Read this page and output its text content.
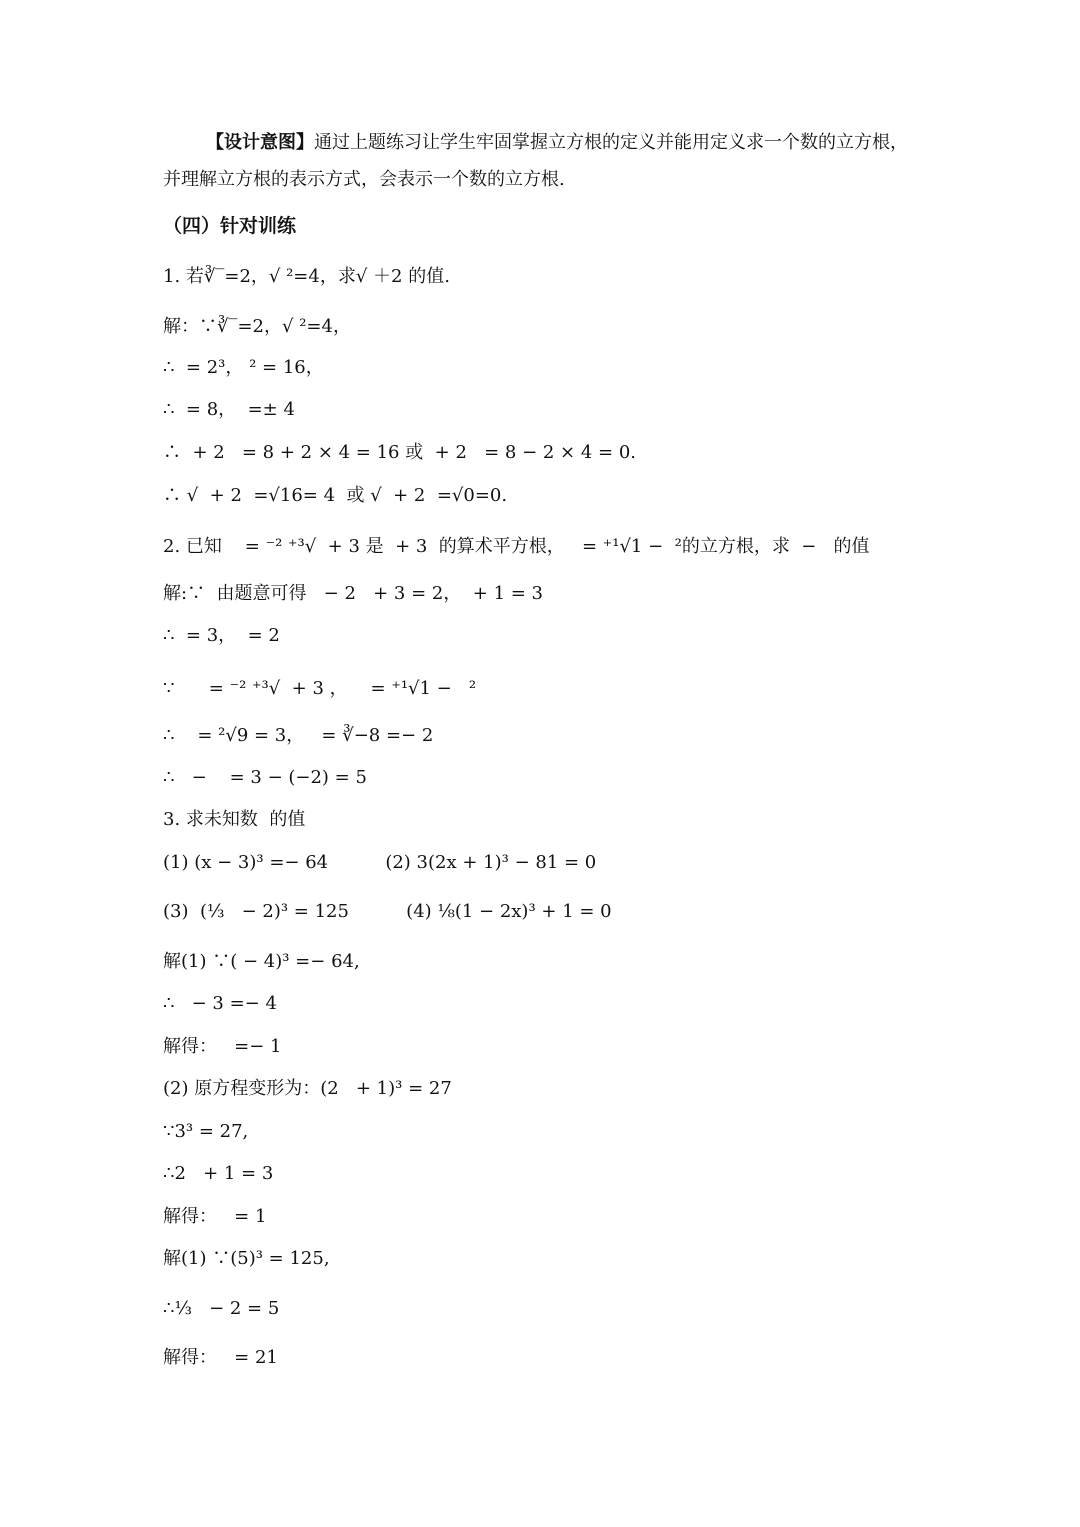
【设计意图】通过上题练习让学生牢固掌握立方根的定义并能用定义求一个数的立方根，

并理解立方根的表示方式，会表示一个数的立方根.

（四）针对训练

1. 若∛‾=2，√ ²=4，求√ ＋2 的值.

解：∵∛‾=2，√ ²=4，

∴  = 2³， ² = 16，

∴  = 8，  =± 4

∴  + 2   = 8 + 2 × 4 = 16 或  + 2   = 8 − 2 × 4 = 0.

∴ √  + 2  =√16= 4  或 √  + 2  =√0=0.

2. 已知    = ⁻² ⁺³√  + 3 是  + 3  的算术平方根，   = ⁺¹√1 −  ²的立方根，求  −   的值

解:∵  由题意可得   − 2   + 3 = 2，  + 1 = 3

∴  = 3，  = 2

∵      = ⁻² ⁺³√  + 3 ，    = ⁺¹√1 −   ²

∴    = ²√9 = 3，   = ∛−8 =− 2

∴   −    = 3 − (−2) = 5

3. 求未知数  的值

(1) (x − 3)³ =− 64          (2) 3(2x + 1)³ − 81 = 0

(3)  (⅓   − 2)³ = 125          (4) ⅛(1 − 2x)³ + 1 = 0

解(1) ∵( − 4)³ =− 64,

∴   − 3 =− 4

解得：   =− 1

(2) 原方程变形为：(2   + 1)³ = 27

∵3³ = 27,

∴2   + 1 = 3

解得：   = 1

解(1) ∵(5)³ = 125,

∴⅓   − 2 = 5

解得：   = 21
